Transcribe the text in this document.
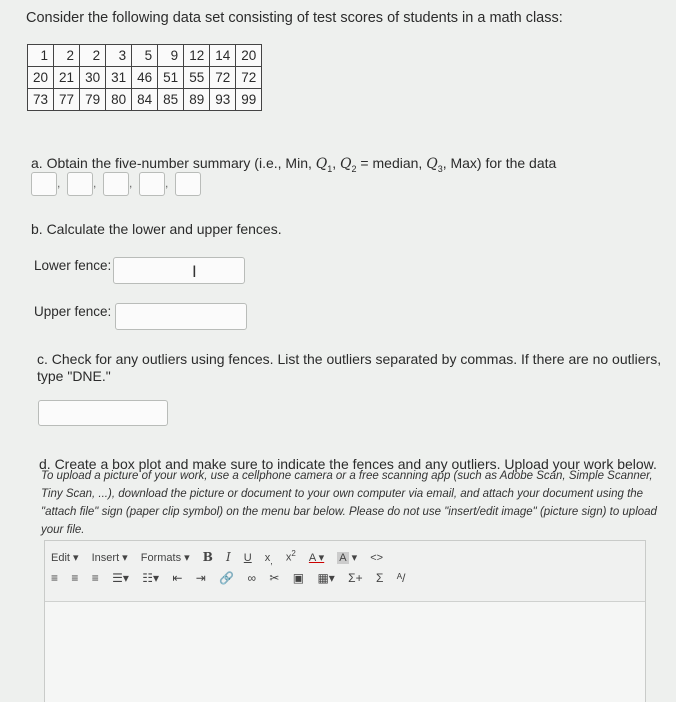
Consider the following data set consisting of test scores of students in a math class:
1	2	2	3	5	9	12	14	20
20	21	30	31	46	51	55	72	72
73	77	79	80	84	85	89	93	99
a. Obtain the five-number summary (i.e., Min, $Q_1$, $Q_2$ = median, $Q_3$, Max) for the data
,	,	,	,
b. Calculate the lower and upper fences.
Lower fence:	I
Upper fence:
c. Check for any outliers using fences. List the outliers separated by commas. If there are no outliers,
type "DNE."
d. Create a box plot and make sure to indicate the fences and any outliers. Upload your work below.
To upload a picture of your work, use a cellphone camera or a free scanning app (such as Adobe Scan, Simple Scanner,
Tiny Scan, ...), download the picture or document to your own computer via email, and attach your document using the
"attach file" sign (paper clip symbol) on the menu bar below. Please do not use "insert/edit image" (picture sign) to upload
your file.
Edit ▾ Insert ▾ Formats ▾ B I U $x_,$ $x^2$ A ▾ A ▾ <>
≡ ≡ ≡ ☰▾ ☷▾ ⇤ ⇥ 🔗 ∞ ✂ ▣ ▦▾ Σ+ Σ ᴬ/
